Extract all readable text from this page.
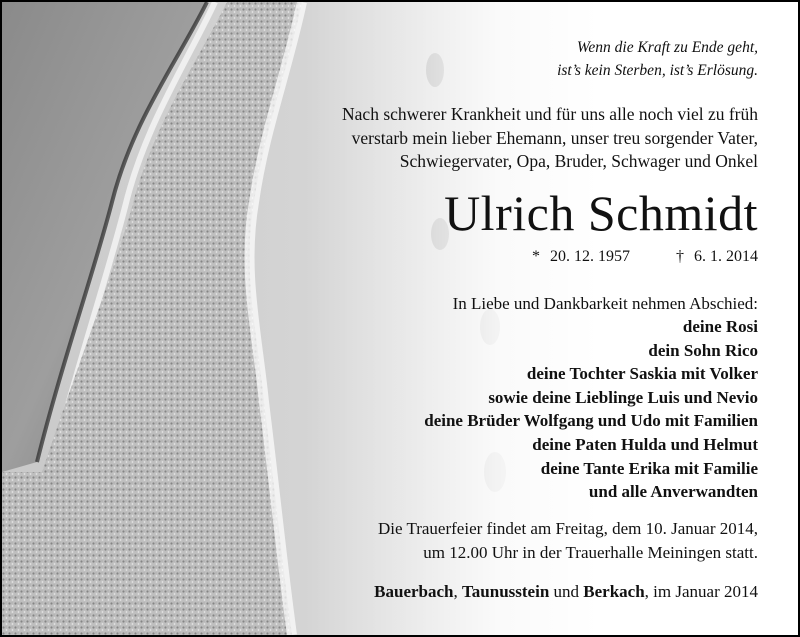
Wenn die Kraft zu Ende geht,
ist’s kein Sterben, ist’s Erlösung.
Nach schwerer Krankheit und für uns alle noch viel zu früh
verstarb mein lieber Ehemann, unser treu sorgender Vater,
Schwiegervater, Opa, Bruder, Schwager und Onkel
Ulrich Schmidt
* 20. 12. 1957	† 6. 1. 2014
In Liebe und Dankbarkeit nehmen Abschied:
deine Rosi
dein Sohn Rico
deine Tochter Saskia mit Volker
sowie deine Lieblinge Luis und Nevio
deine Brüder Wolfgang und Udo mit Familien
deine Paten Hulda und Helmut
deine Tante Erika mit Familie
und alle Anverwandten
Die Trauerfeier findet am Freitag, dem 10. Januar 2014,
um 12.00 Uhr in der Trauerhalle Meiningen statt.
Bauerbach, Taunusstein und Berkach, im Januar 2014
